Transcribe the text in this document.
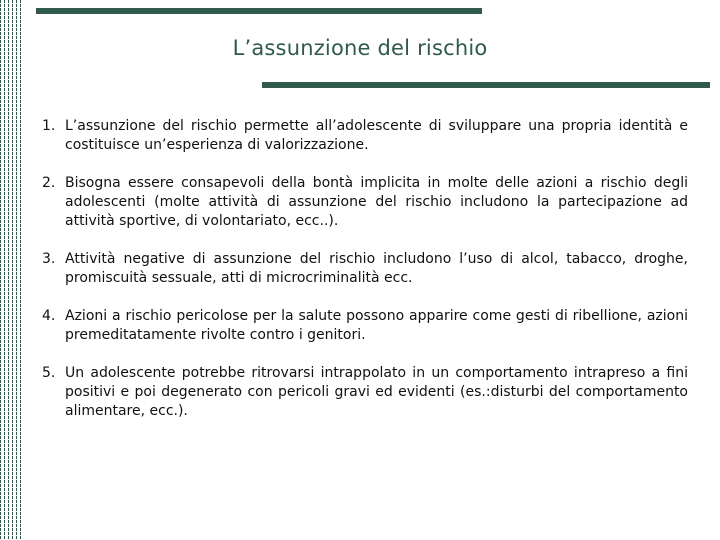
L’assunzione del rischio
1. L’assunzione del rischio permette all’adolescente di sviluppare una propria identità e costituisce un’esperienza di valorizzazione.
2. Bisogna essere consapevoli della bontà implicita in molte delle azioni a rischio degli adolescenti (molte attività di assunzione del rischio includono la partecipazione ad attività sportive, di volontariato, ecc..).
3. Attività negative di assunzione del rischio includono l’uso di alcol, tabacco, droghe, promiscuità sessuale, atti di microcriminalità ecc.
4. Azioni a rischio pericolose per la salute possono apparire come gesti di ribellione, azioni premeditatamente rivolte contro i genitori.
5. Un adolescente potrebbe ritrovarsi intrappolato in un comportamento intrapreso a fini positivi e poi degenerato con pericoli gravi ed evidenti (es.:disturbi del comportamento alimentare, ecc.).
